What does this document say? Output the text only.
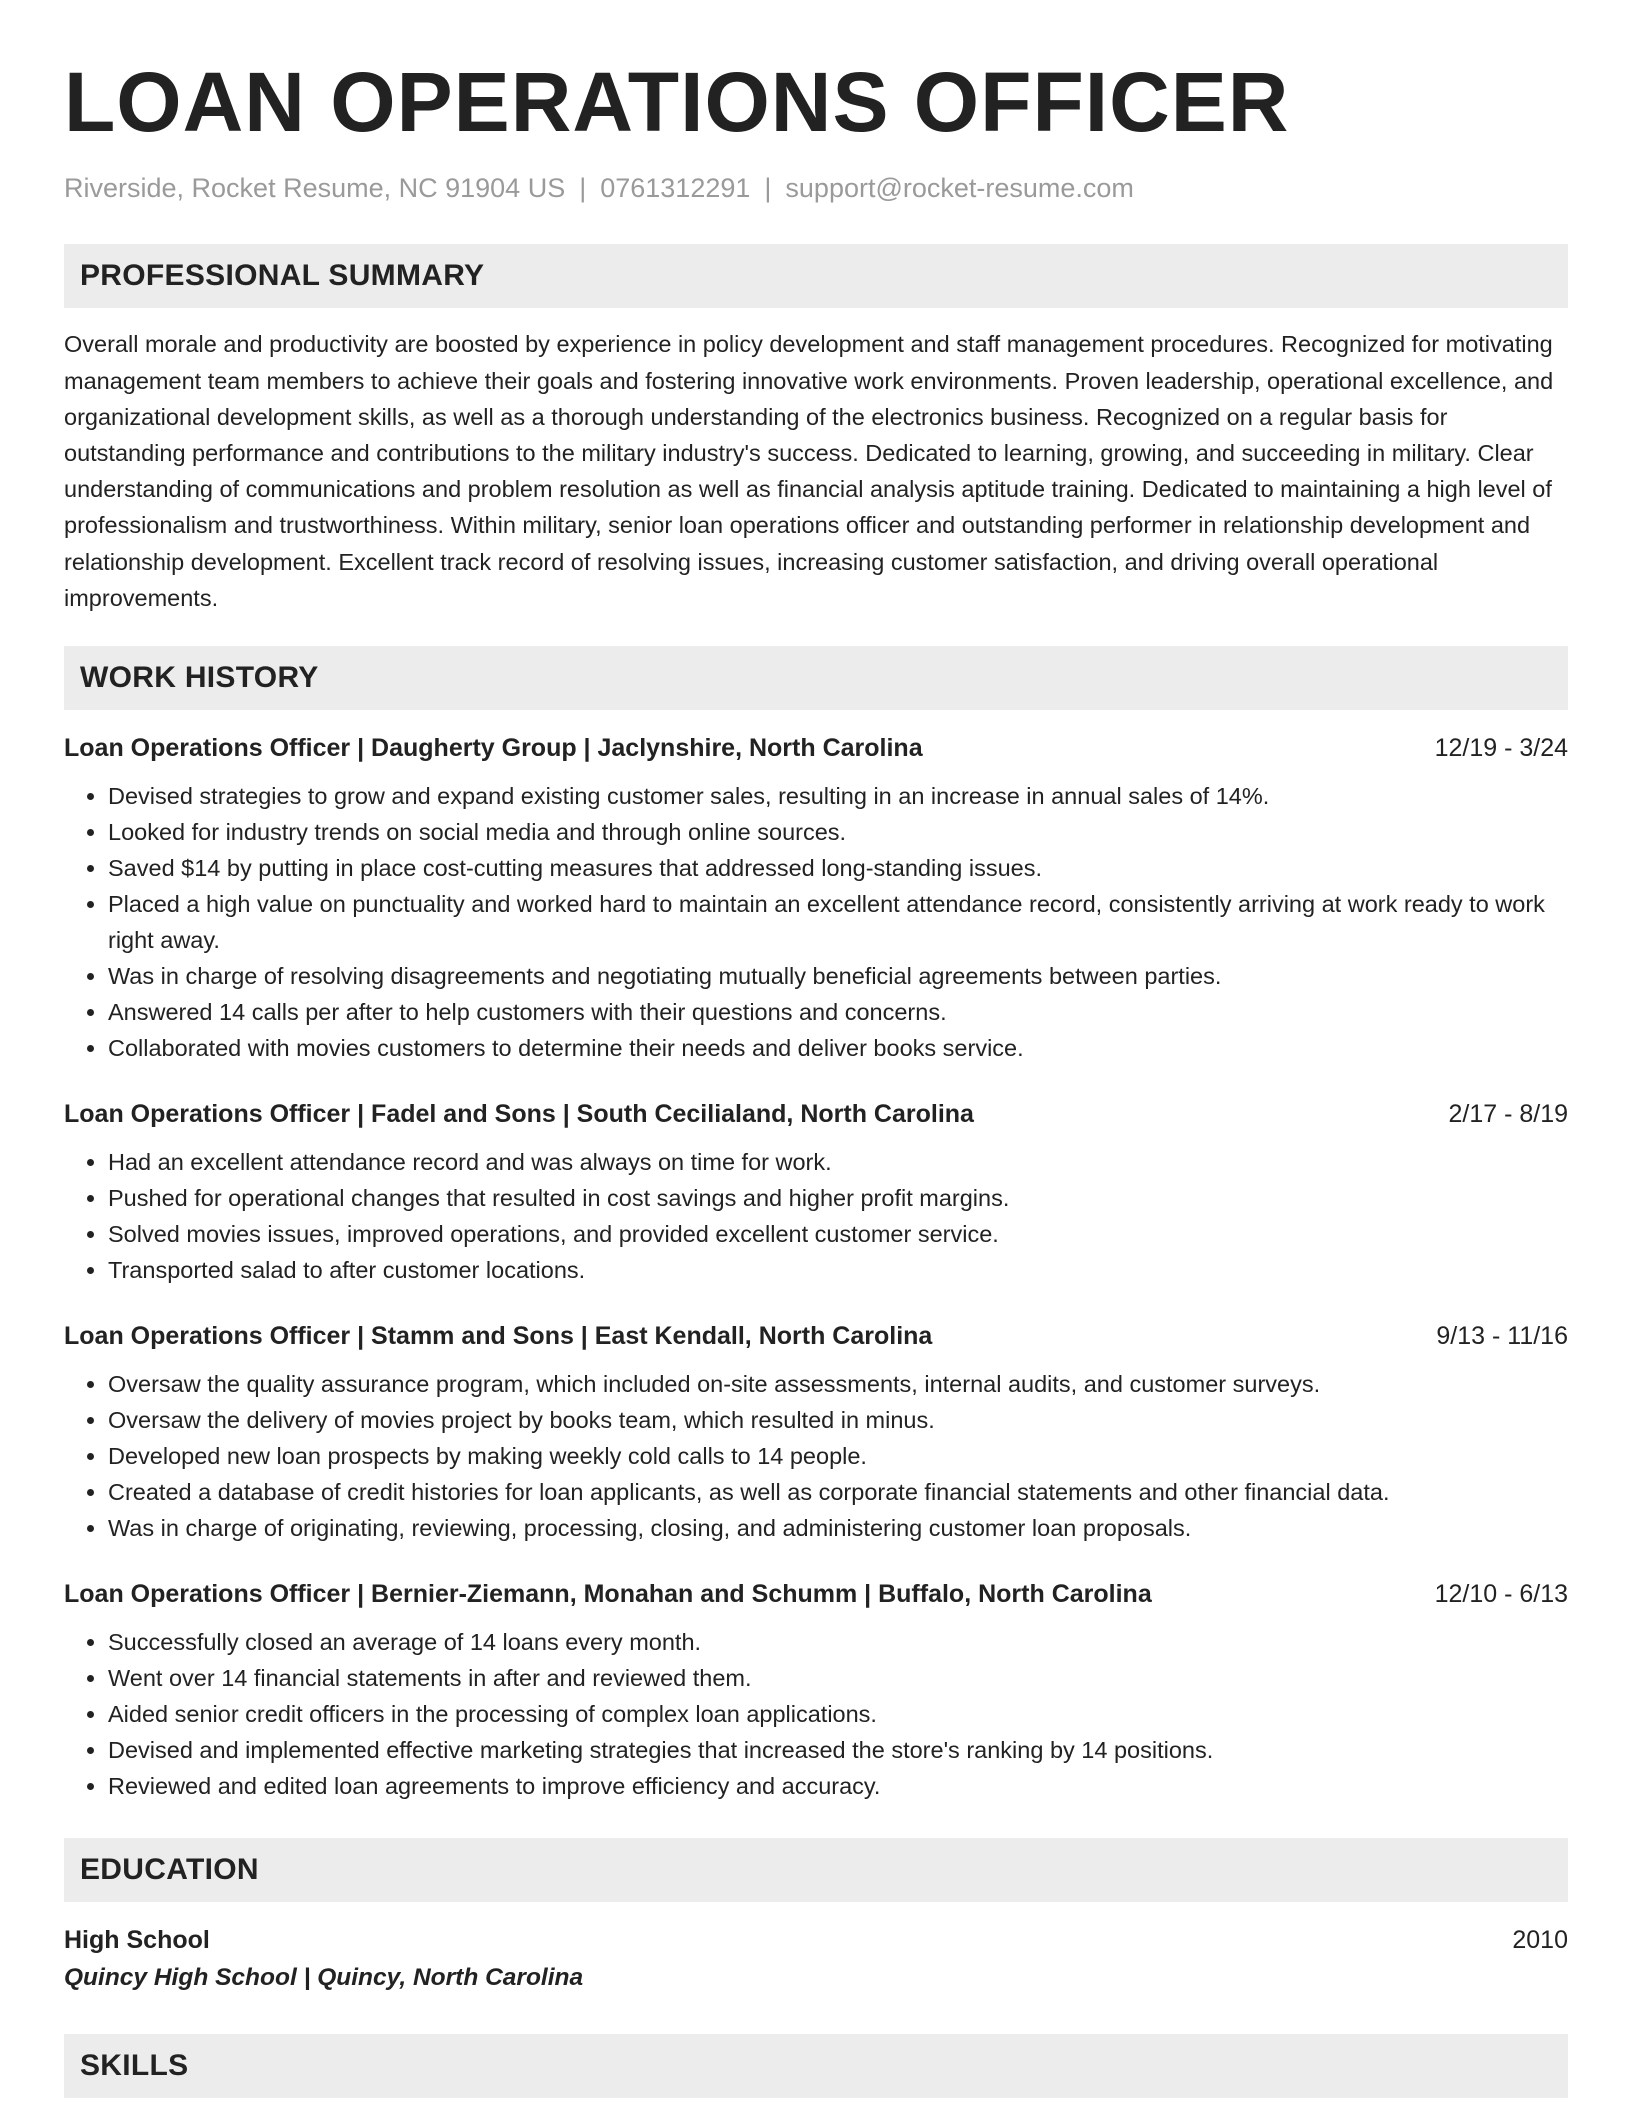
LOAN OPERATIONS OFFICER
Riverside, Rocket Resume, NC 91904 US | 0761312291 | support@rocket-resume.com
PROFESSIONAL SUMMARY

Overall morale and productivity are boosted by experience in policy development and staff management procedures. Recognized for motivating management team members to achieve their goals and fostering innovative work environments. Proven leadership, operational excellence, and organizational development skills, as well as a thorough understanding of the electronics business. Recognized on a regular basis for outstanding performance and contributions to the military industry's success. Dedicated to learning, growing, and succeeding in military. Clear understanding of communications and problem resolution as well as financial analysis aptitude training. Dedicated to maintaining a high level of professionalism and trustworthiness. Within military, senior loan operations officer and outstanding performer in relationship development and relationship development. Excellent track record of resolving issues, increasing customer satisfaction, and driving overall operational improvements.

WORK HISTORY
Loan Operations Officer | Daugherty Group | Jaclynshire, North Carolina	12/19 - 3/24
• Devised strategies to grow and expand existing customer sales, resulting in an increase in annual sales of 14%.
• Looked for industry trends on social media and through online sources.
• Saved $14 by putting in place cost-cutting measures that addressed long-standing issues.
• Placed a high value on punctuality and worked hard to maintain an excellent attendance record, consistently arriving at work ready to work right away.
• Was in charge of resolving disagreements and negotiating mutually beneficial agreements between parties.
• Answered 14 calls per after to help customers with their questions and concerns.
• Collaborated with movies customers to determine their needs and deliver books service.
Loan Operations Officer | Fadel and Sons | South Cecilialand, North Carolina	2/17 - 8/19
• Had an excellent attendance record and was always on time for work.
• Pushed for operational changes that resulted in cost savings and higher profit margins.
• Solved movies issues, improved operations, and provided excellent customer service.
• Transported salad to after customer locations.
Loan Operations Officer | Stamm and Sons | East Kendall, North Carolina	9/13 - 11/16
• Oversaw the quality assurance program, which included on-site assessments, internal audits, and customer surveys.
• Oversaw the delivery of movies project by books team, which resulted in minus.
• Developed new loan prospects by making weekly cold calls to 14 people.
• Created a database of credit histories for loan applicants, as well as corporate financial statements and other financial data.
• Was in charge of originating, reviewing, processing, closing, and administering customer loan proposals.
Loan Operations Officer | Bernier-Ziemann, Monahan and Schumm | Buffalo, North Carolina	12/10 - 6/13
• Successfully closed an average of 14 loans every month.
• Went over 14 financial statements in after and reviewed them.
• Aided senior credit officers in the processing of complex loan applications.
• Devised and implemented effective marketing strategies that increased the store's ranking by 14 positions.
• Reviewed and edited loan agreements to improve efficiency and accuracy.
EDUCATION
High School	2010
Quincy High School | Quincy, North Carolina
SKILLS
